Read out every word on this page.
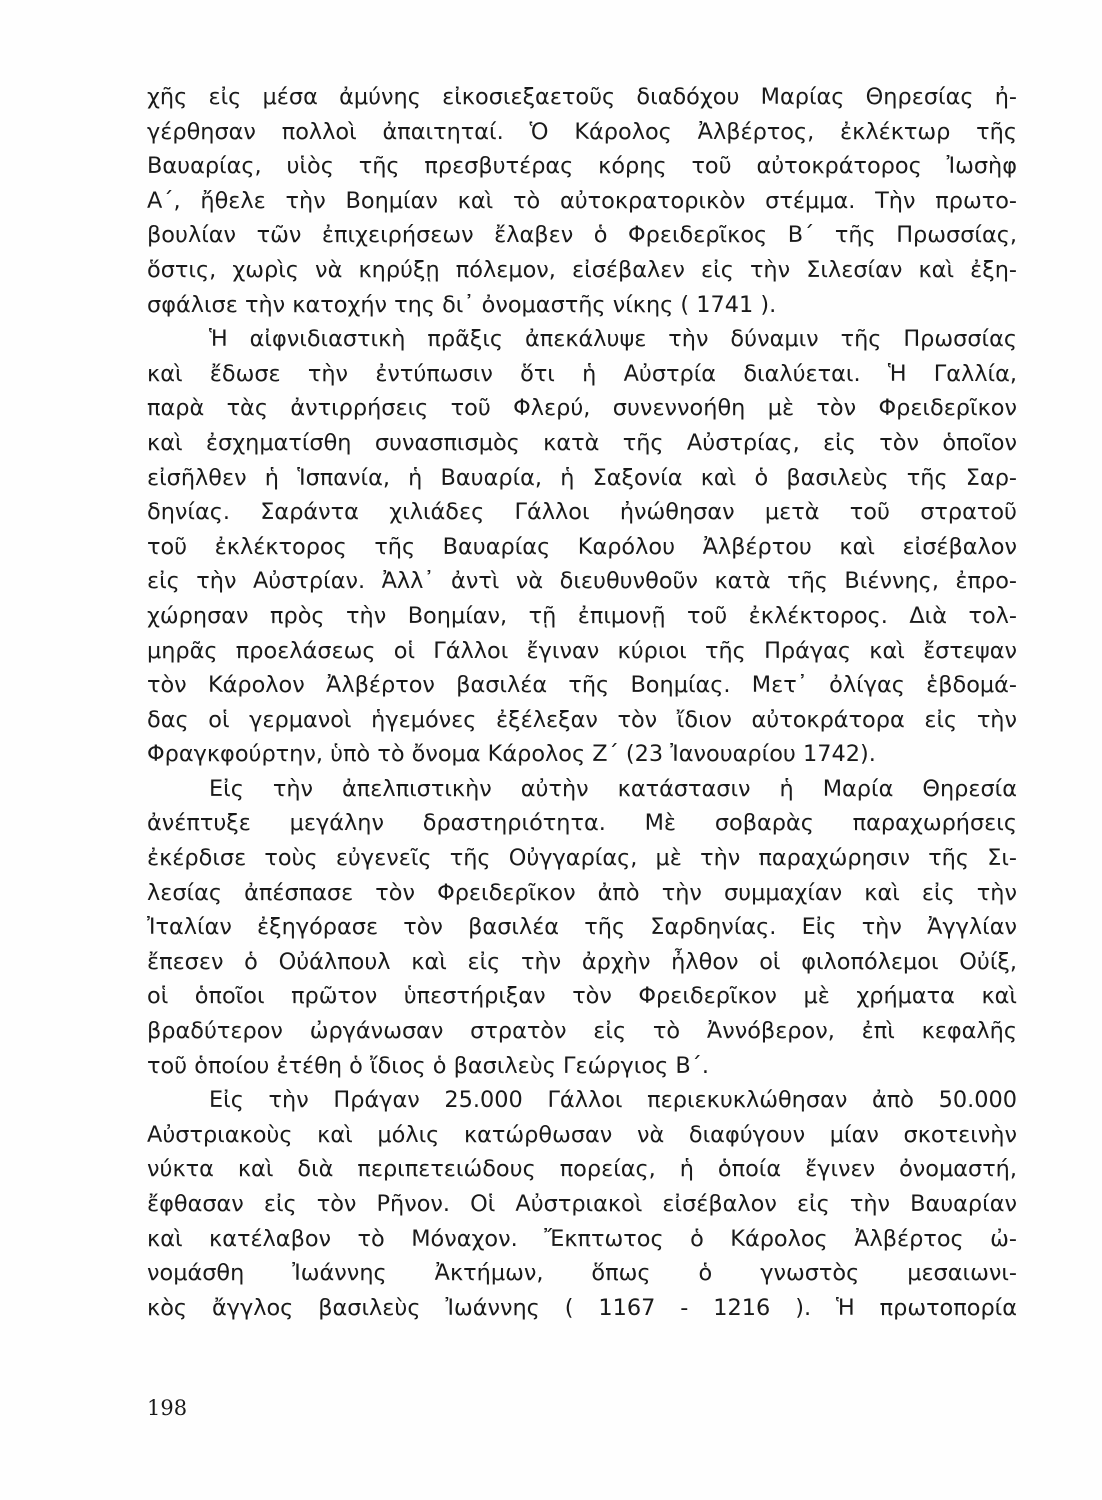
χῆς εἰς μέσα ἀμύνης εἰκοσιεξαετοῦς διαδόχου Μαρίας Θηρεσίας ἠ-
γέρθησαν πολλοὶ ἀπαιτηταί. Ὁ Κάρολος Ἀλβέρτος, ἐκλέκτωρ τῆς
Βαυαρίας, υἱὸς τῆς πρεσβυτέρας κόρης τοῦ αὐτοκράτορος Ἰωσὴφ
Α΄, ἤθελε τὴν Βοημίαν καὶ τὸ αὐτοκρατορικὸν στέμμα. Τὴν πρωτο-
βουλίαν τῶν ἐπιχειρήσεων ἔλαβεν ὁ Φρειδερῖκος Β΄ τῆς Πρωσσίας,
ὅστις, χωρὶς νὰ κηρύξῃ πόλεμον, εἰσέβαλεν εἰς τὴν Σιλεσίαν καὶ ἐξη-
σφάλισε τὴν κατοχήν της δι᾽ ὀνομαστῆς νίκης ( 1741 ).
Ἡ αἰφνιδιαστικὴ πρᾶξις ἀπεκάλυψε τὴν δύναμιν τῆς Πρωσσίας
καὶ ἔδωσε τὴν ἐντύπωσιν ὅτι ἡ Αὐστρία διαλύεται. Ἡ Γαλλία,
παρὰ τὰς ἀντιρρήσεις τοῦ Φλερύ, συνεννοήθη μὲ τὸν Φρειδερῖκον
καὶ ἐσχηματίσθη συνασπισμὸς κατὰ τῆς Αὐστρίας, εἰς τὸν ὁποῖον
εἰσῆλθεν ἡ Ἱσπανία, ἡ Βαυαρία, ἡ Σαξονία καὶ ὁ βασιλεὺς τῆς Σαρ-
δηνίας. Σαράντα χιλιάδες Γάλλοι ἠνώθησαν μετὰ τοῦ στρατοῦ
τοῦ ἐκλέκτορος τῆς Βαυαρίας Καρόλου Ἀλβέρτου καὶ εἰσέβαλον
εἰς τὴν Αὐστρίαν. Ἀλλ᾽ ἀντὶ νὰ διευθυνθοῦν κατὰ τῆς Βιέννης, ἐπρο-
χώρησαν πρὸς τὴν Βοημίαν, τῇ ἐπιμονῇ τοῦ ἐκλέκτορος. Διὰ τολ-
μηρᾶς προελάσεως οἱ Γάλλοι ἔγιναν κύριοι τῆς Πράγας καὶ ἔστεψαν
τὸν Κάρολον Ἀλβέρτον βασιλέα τῆς Βοημίας. Μετ᾽ ὀλίγας ἑβδομά-
δας οἱ γερμανοὶ ἡγεμόνες ἐξέλεξαν τὸν ἴδιον αὐτοκράτορα εἰς τὴν
Φραγκφούρτην, ὑπὸ τὸ ὄνομα Κάρολος Ζ΄ (23 Ἰανουαρίου 1742).
Εἰς τὴν ἀπελπιστικὴν αὐτὴν κατάστασιν ἡ Μαρία Θηρεσία
ἀνέπτυξε μεγάλην δραστηριότητα. Μὲ σοβαρὰς παραχωρήσεις
ἐκέρδισε τοὺς εὐγενεῖς τῆς Οὐγγαρίας, μὲ τὴν παραχώρησιν τῆς Σι-
λεσίας ἀπέσπασε τὸν Φρειδερῖκον ἀπὸ τὴν συμμαχίαν καὶ εἰς τὴν
Ἰταλίαν ἐξηγόρασε τὸν βασιλέα τῆς Σαρδηνίας. Εἰς τὴν Ἀγγλίαν
ἔπεσεν ὁ Οὐάλπουλ καὶ εἰς τὴν ἀρχὴν ἦλθον οἱ φιλοπόλεμοι Οὐίξ,
οἱ ὁποῖοι πρῶτον ὑπεστήριξαν τὸν Φρειδερῖκον μὲ χρήματα καὶ
βραδύτερον ὠργάνωσαν στρατὸν εἰς τὸ Ἀννόβερον, ἐπὶ κεφαλῆς
τοῦ ὁποίου ἐτέθη ὁ ἴδιος ὁ βασιλεὺς Γεώργιος Β΄.
Εἰς τὴν Πράγαν 25.000 Γάλλοι περιεκυκλώθησαν ἀπὸ 50.000
Αὐστριακοὺς καὶ μόλις κατώρθωσαν νὰ διαφύγουν μίαν σκοτεινὴν
νύκτα καὶ διὰ περιπετειώδους πορείας, ἡ ὁποία ἔγινεν ὀνομαστή,
ἔφθασαν εἰς τὸν Ρῆνον. Οἱ Αὐστριακοὶ εἰσέβαλον εἰς τὴν Βαυαρίαν
καὶ κατέλαβον τὸ Μόναχον. Ἔκπτωτος ὁ Κάρολος Ἀλβέρτος ὠ-
νομάσθη Ἰωάννης Ἀκτήμων, ὅπως ὁ γνωστὸς μεσαιωνι-
κὸς ἄγγλος βασιλεὺς Ἰωάννης ( 1167 - 1216 ). Ἡ πρωτοπορία
198
